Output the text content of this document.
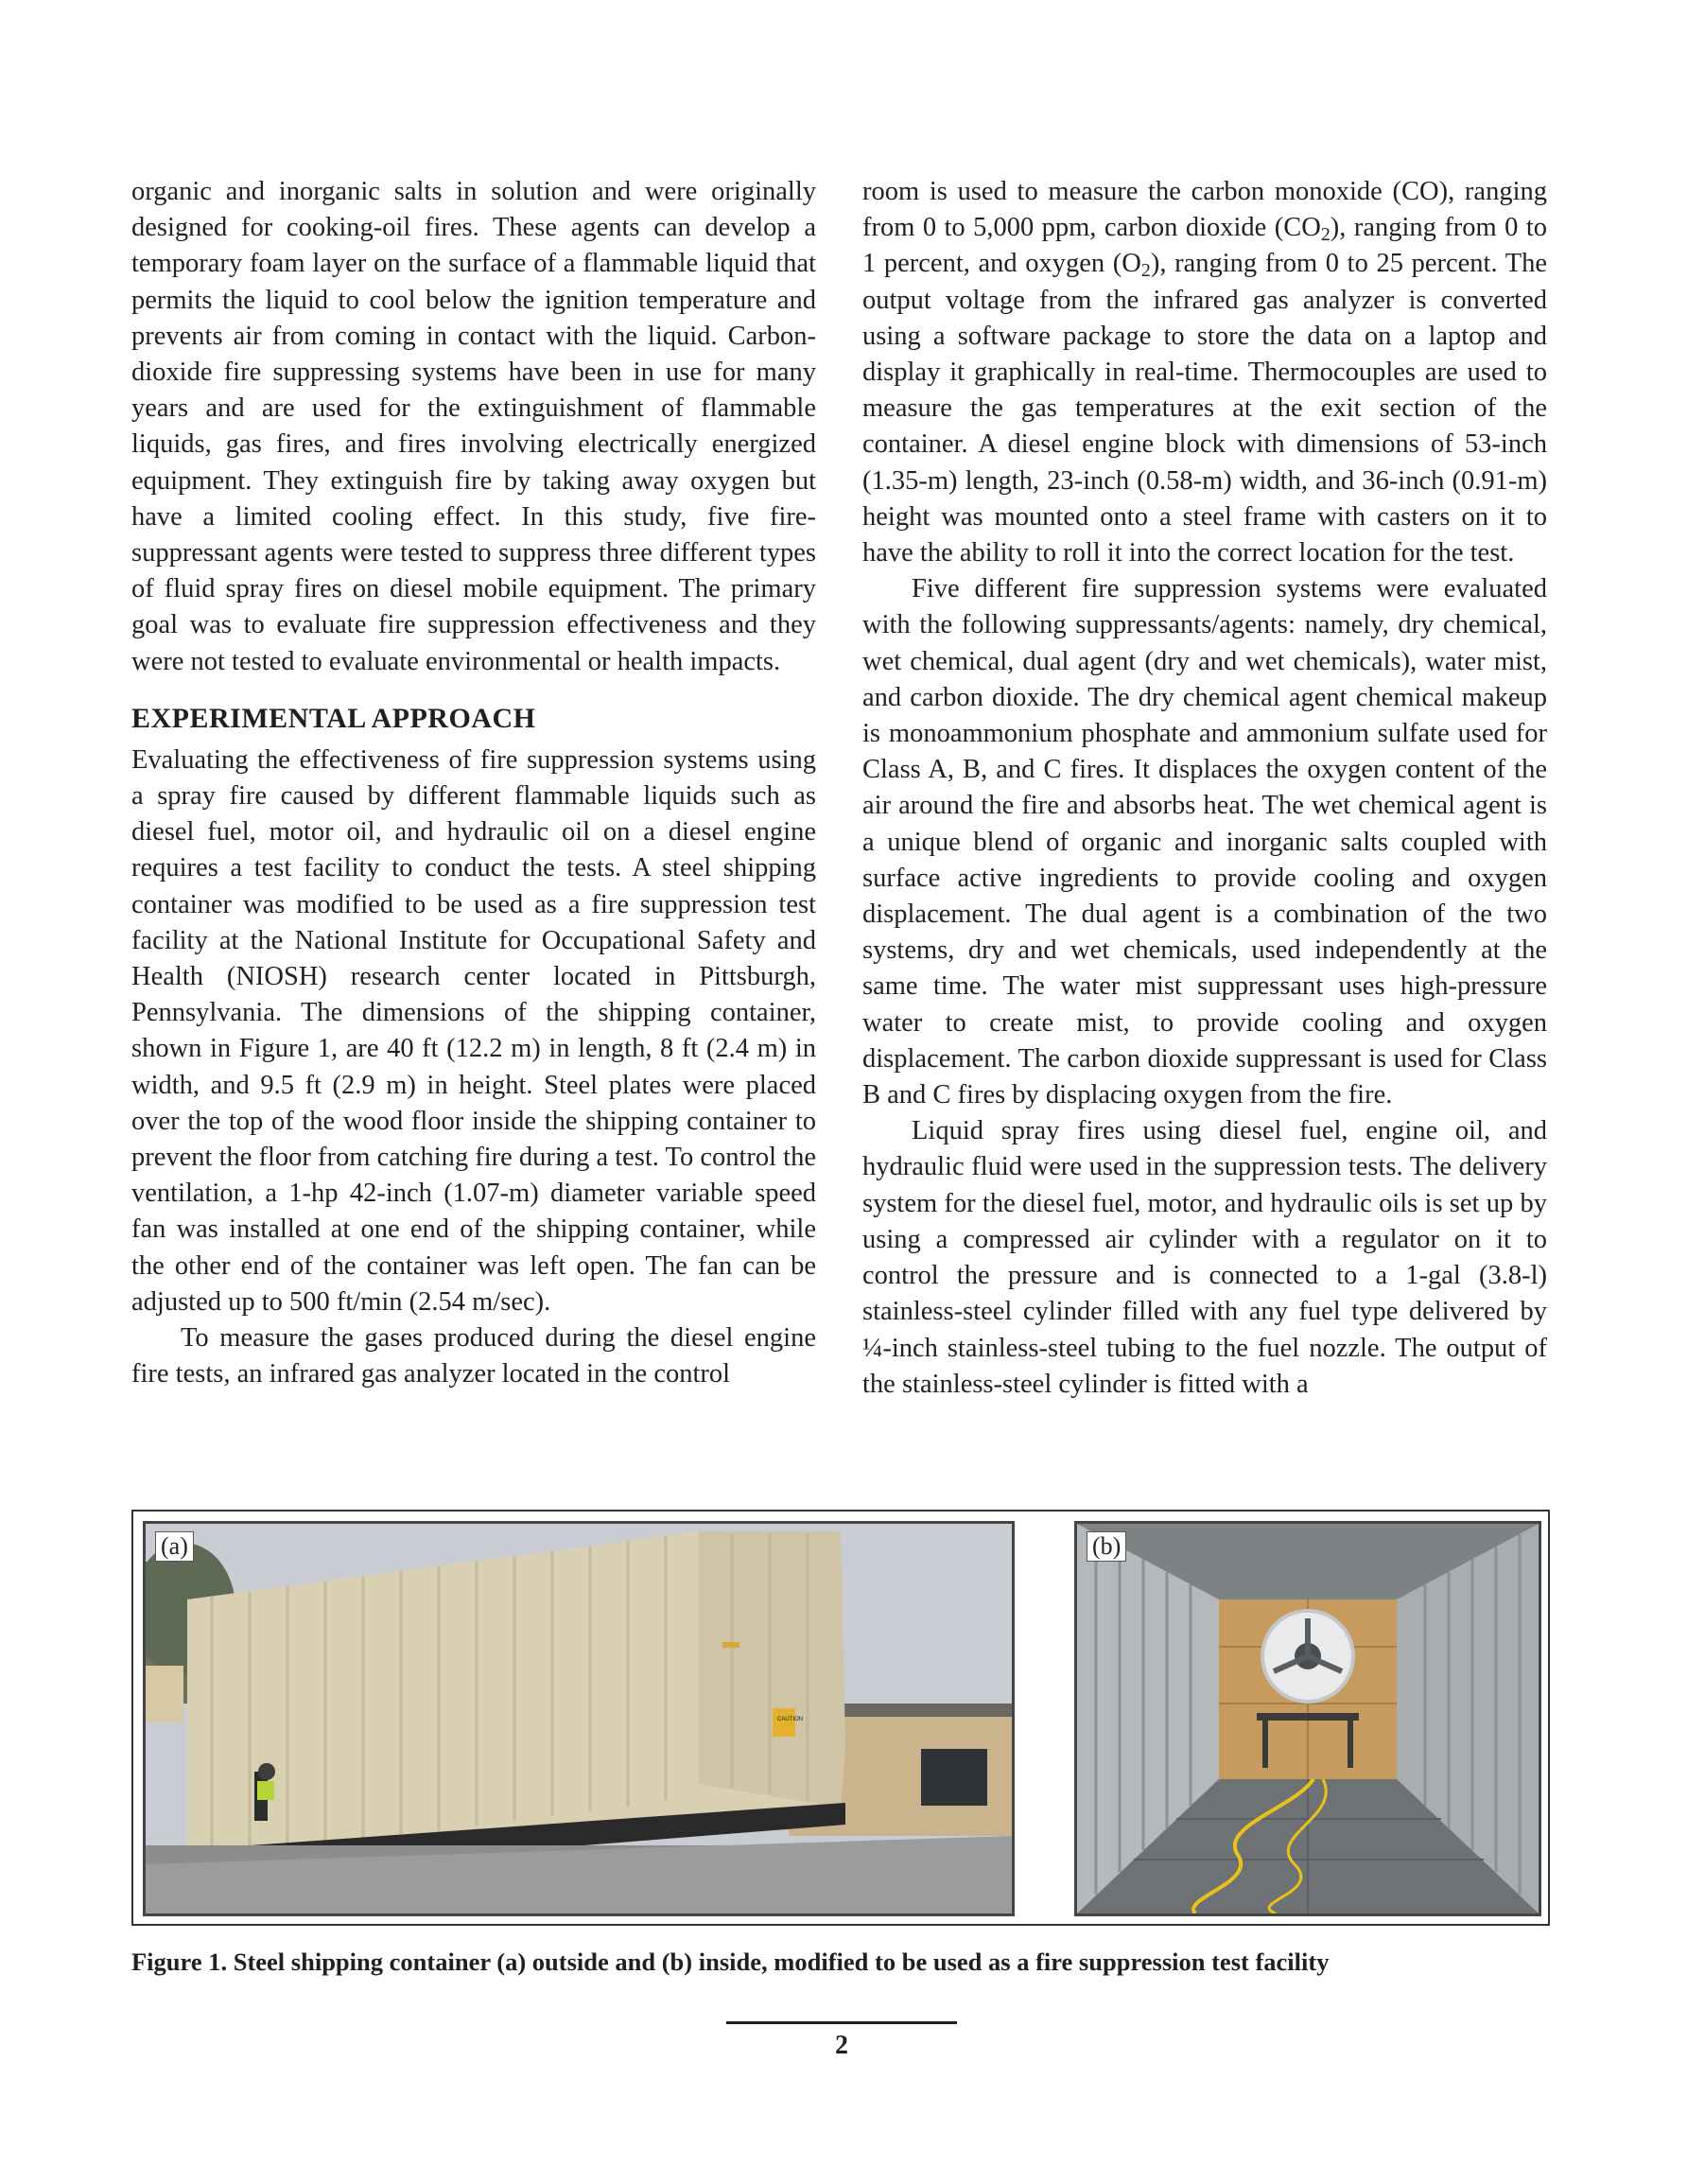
organic and inorganic salts in solution and were originally designed for cooking-oil fires. These agents can develop a temporary foam layer on the surface of a flammable liquid that permits the liquid to cool below the ignition temperature and prevents air from coming in contact with the liquid. Carbon-dioxide fire suppressing systems have been in use for many years and are used for the extinguishment of flammable liquids, gas fires, and fires involving electrically energized equipment. They extinguish fire by taking away oxygen but have a limited cooling effect. In this study, five fire-suppressant agents were tested to suppress three different types of fluid spray fires on diesel mobile equipment. The primary goal was to evaluate fire suppression effectiveness and they were not tested to evaluate environmental or health impacts.

EXPERIMENTAL APPROACH

Evaluating the effectiveness of fire suppression systems using a spray fire caused by different flammable liquids such as diesel fuel, motor oil, and hydraulic oil on a diesel engine requires a test facility to conduct the tests. A steel shipping container was modified to be used as a fire suppression test facility at the National Institute for Occupational Safety and Health (NIOSH) research center located in Pittsburgh, Pennsylvania. The dimensions of the shipping container, shown in Figure 1, are 40 ft (12.2 m) in length, 8 ft (2.4 m) in width, and 9.5 ft (2.9 m) in height. Steel plates were placed over the top of the wood floor inside the shipping container to prevent the floor from catching fire during a test. To control the ventilation, a 1-hp 42-inch (1.07-m) diameter variable speed fan was installed at one end of the shipping container, while the other end of the container was left open. The fan can be adjusted up to 500 ft/min (2.54 m/sec).

To measure the gases produced during the diesel engine fire tests, an infrared gas analyzer located in the control

room is used to measure the carbon monoxide (CO), ranging from 0 to 5,000 ppm, carbon dioxide $(CO_2)$, ranging from 0 to 1 percent, and oxygen $(O_2)$, ranging from 0 to 25 percent. The output voltage from the infrared gas analyzer is converted using a software package to store the data on a laptop and display it graphically in real-time. Thermocouples are used to measure the gas temperatures at the exit section of the container. A diesel engine block with dimensions of 53-inch (1.35-m) length, 23-inch (0.58-m) width, and 36-inch (0.91-m) height was mounted onto a steel frame with casters on it to have the ability to roll it into the correct location for the test.

Five different fire suppression systems were evaluated with the following suppressants/agents: namely, dry chemical, wet chemical, dual agent (dry and wet chemicals), water mist, and carbon dioxide. The dry chemical agent chemical makeup is monoammonium phosphate and ammonium sulfate used for Class A, B, and C fires. It displaces the oxygen content of the air around the fire and absorbs heat. The wet chemical agent is a unique blend of organic and inorganic salts coupled with surface active ingredients to provide cooling and oxygen displacement. The dual agent is a combination of the two systems, dry and wet chemicals, used independently at the same time. The water mist suppressant uses high-pressure water to create mist, to provide cooling and oxygen displacement. The carbon dioxide suppressant is used for Class B and C fires by displacing oxygen from the fire.

Liquid spray fires using diesel fuel, engine oil, and hydraulic fluid were used in the suppression tests. The delivery system for the diesel fuel, motor, and hydraulic oils is set up by using a compressed air cylinder with a regulator on it to control the pressure and is connected to a 1-gal (3.8-l) stainless-steel cylinder filled with any fuel type delivered by ¼-inch stainless-steel tubing to the fuel nozzle. The output of the stainless-steel cylinder is fitted with a

CAUTION
(a)	(b)
Figure 1. Steel shipping container (a) outside and (b) inside, modified to be used as a fire suppression test facility
2
